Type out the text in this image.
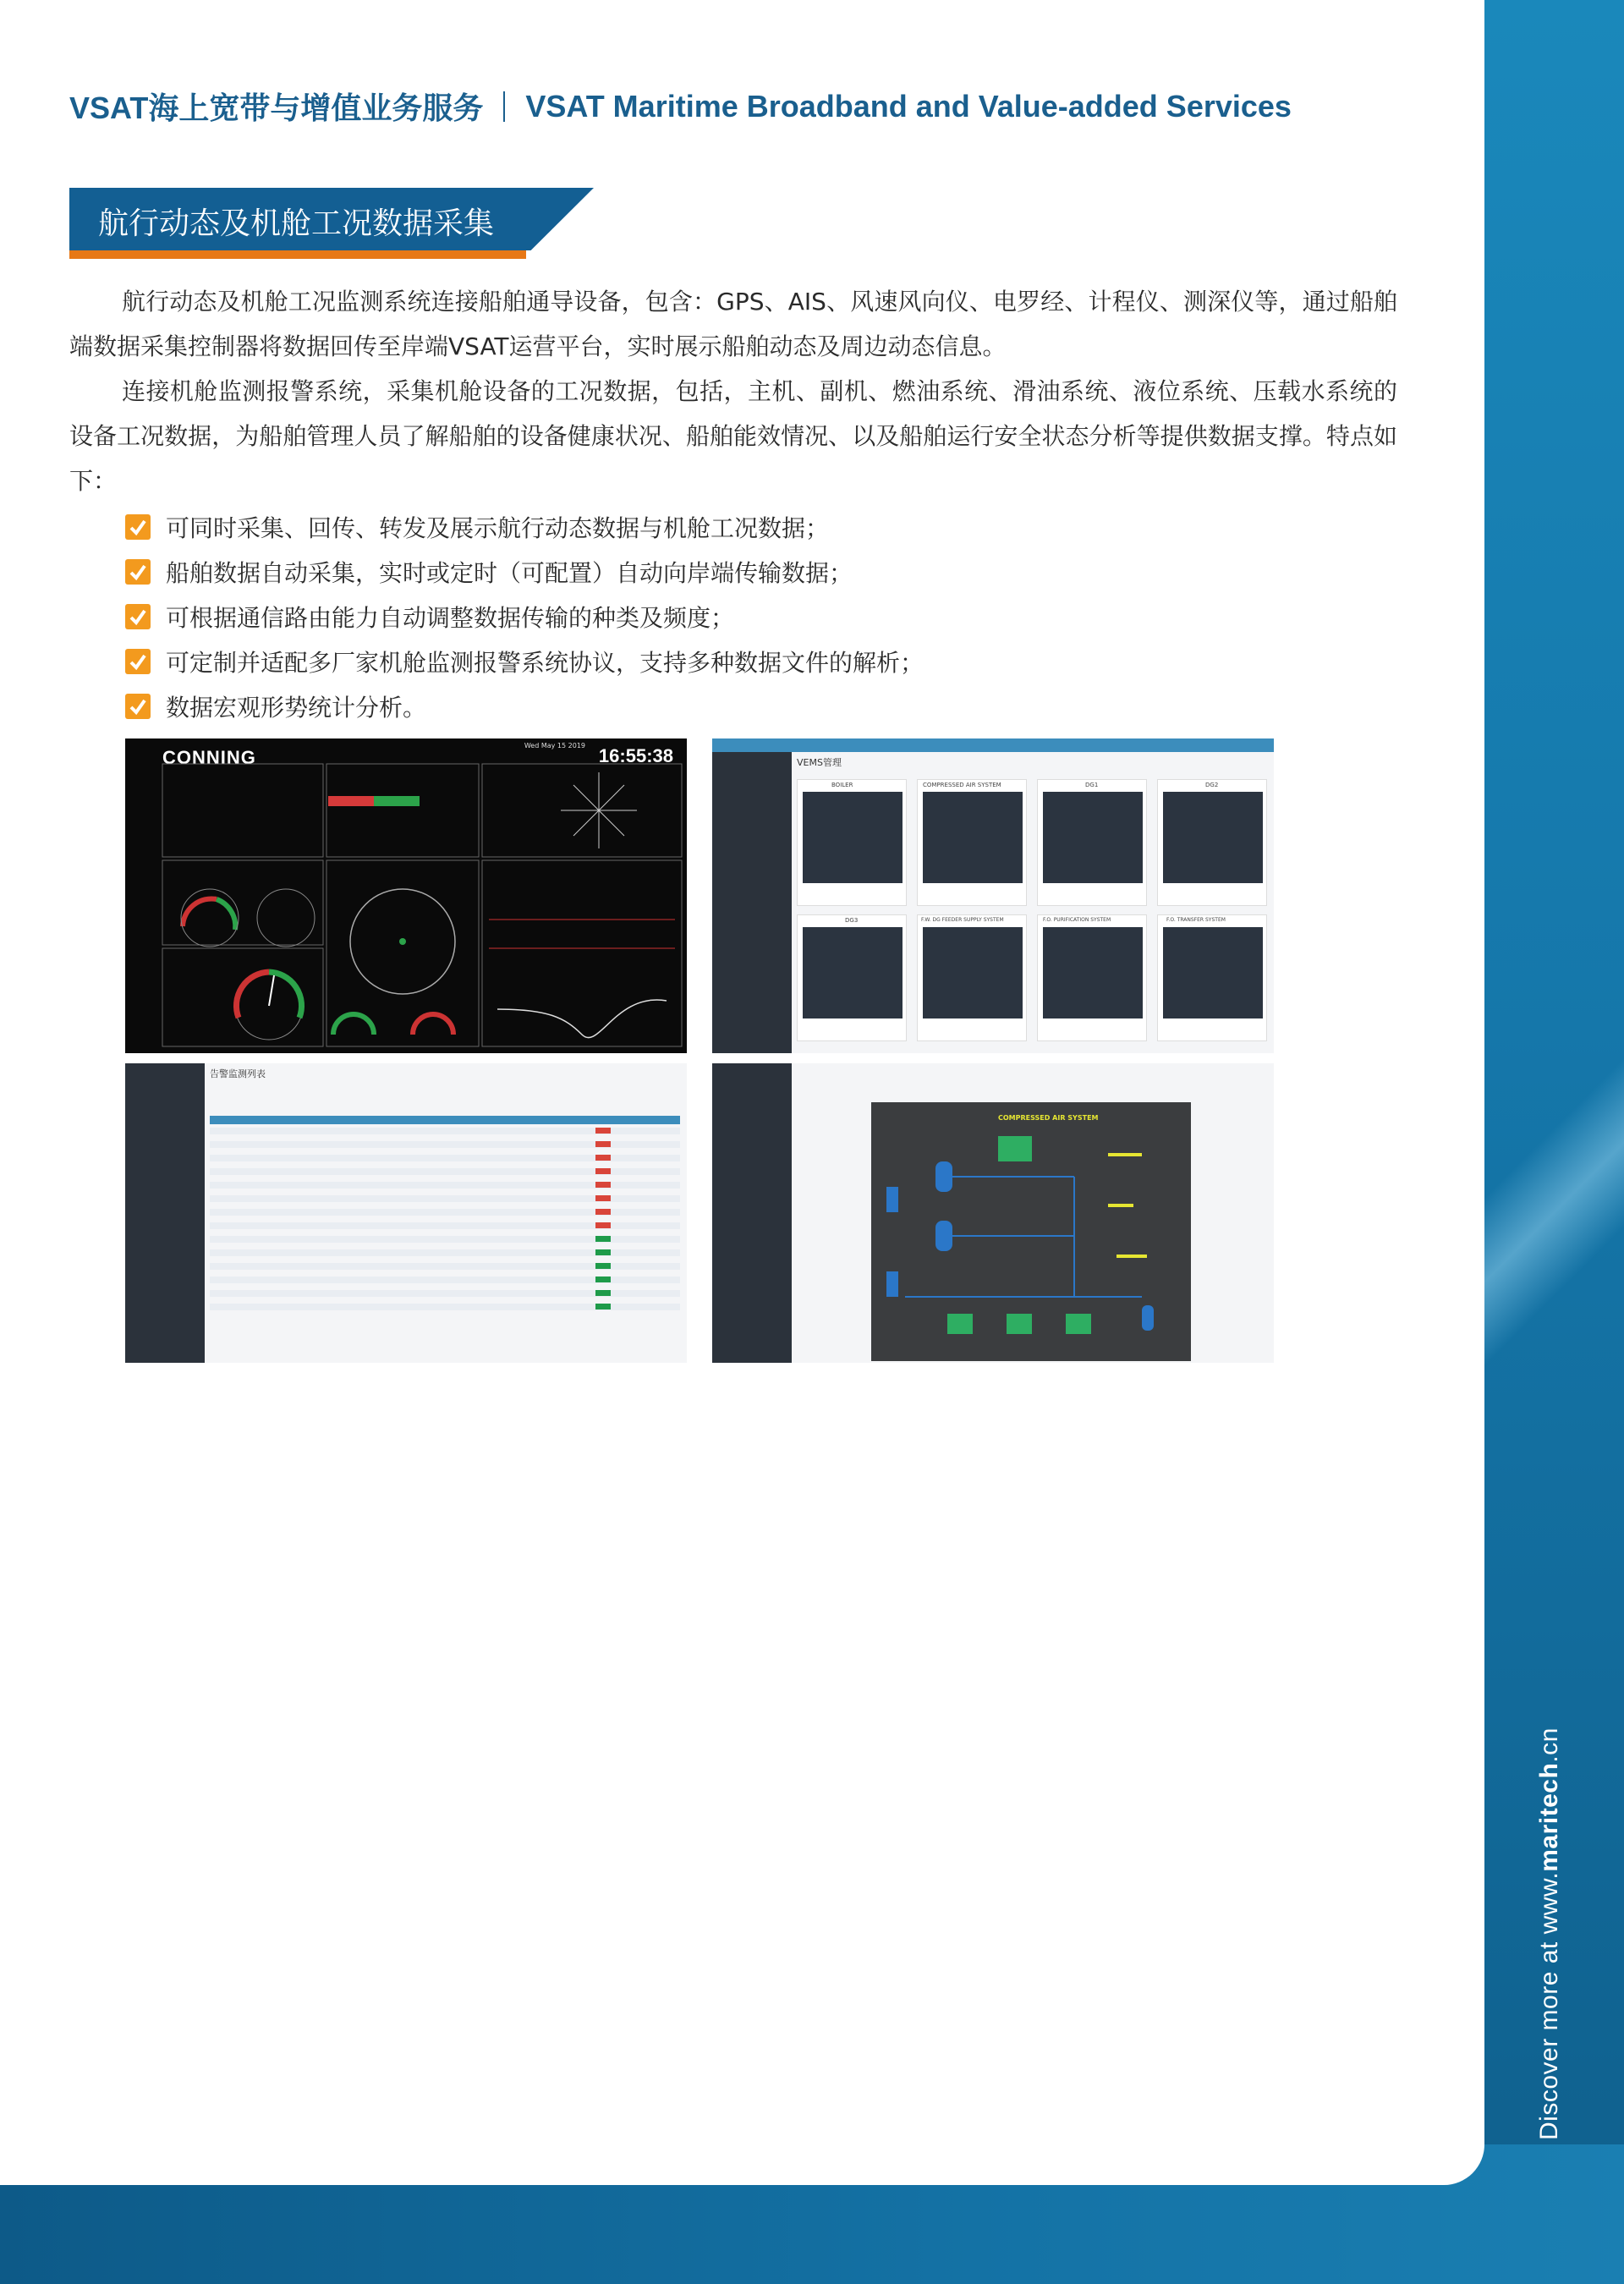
Discover more at www.maritech.cn
VSAT海上宽带与增值业务服务 VSAT Maritime Broadband and Value-added Services
航行动态及机舱工况数据采集

航行动态及机舱工况监测系统连接船舶通导设备，包含：GPS、AIS、风速风向仪、电罗经、计程仪、测深仪等，通过船舶端数据采集控制器将数据回传至岸端VSAT运营平台，实时展示船舶动态及周边动态信息。

连接机舱监测报警系统，采集机舱设备的工况数据，包括，主机、副机、燃油系统、滑油系统、液位系统、压载水系统的设备工况数据，为船舶管理人员了解船舶的设备健康状况、船舶能效情况、以及船舶运行安全状态分析等提供数据支撑。特点如下：

可同时采集、回传、转发及展示航行动态数据与机舱工况数据；
船舶数据自动采集，实时或定时（可配置）自动向岸端传输数据；
可根据通信路由能力自动调整数据传输的种类及频度；
可定制并适配多厂家机舱监测报警系统协议，支持多种数据文件的解析；
数据宏观形势统计分析。
CONNING
Wed May 15 2019 16:55:38	VEMS管理
BOILER	COMPRESSED AIR SYSTEM	DG1	DG2
DG3	F.W. DG FEEDER SUPPLY SYSTEM	F.O. PURIFICATION SYSTEM	F.O. TRANSFER SYSTEM
告警监测列表
COMPRESSED AIR SYSTEM
